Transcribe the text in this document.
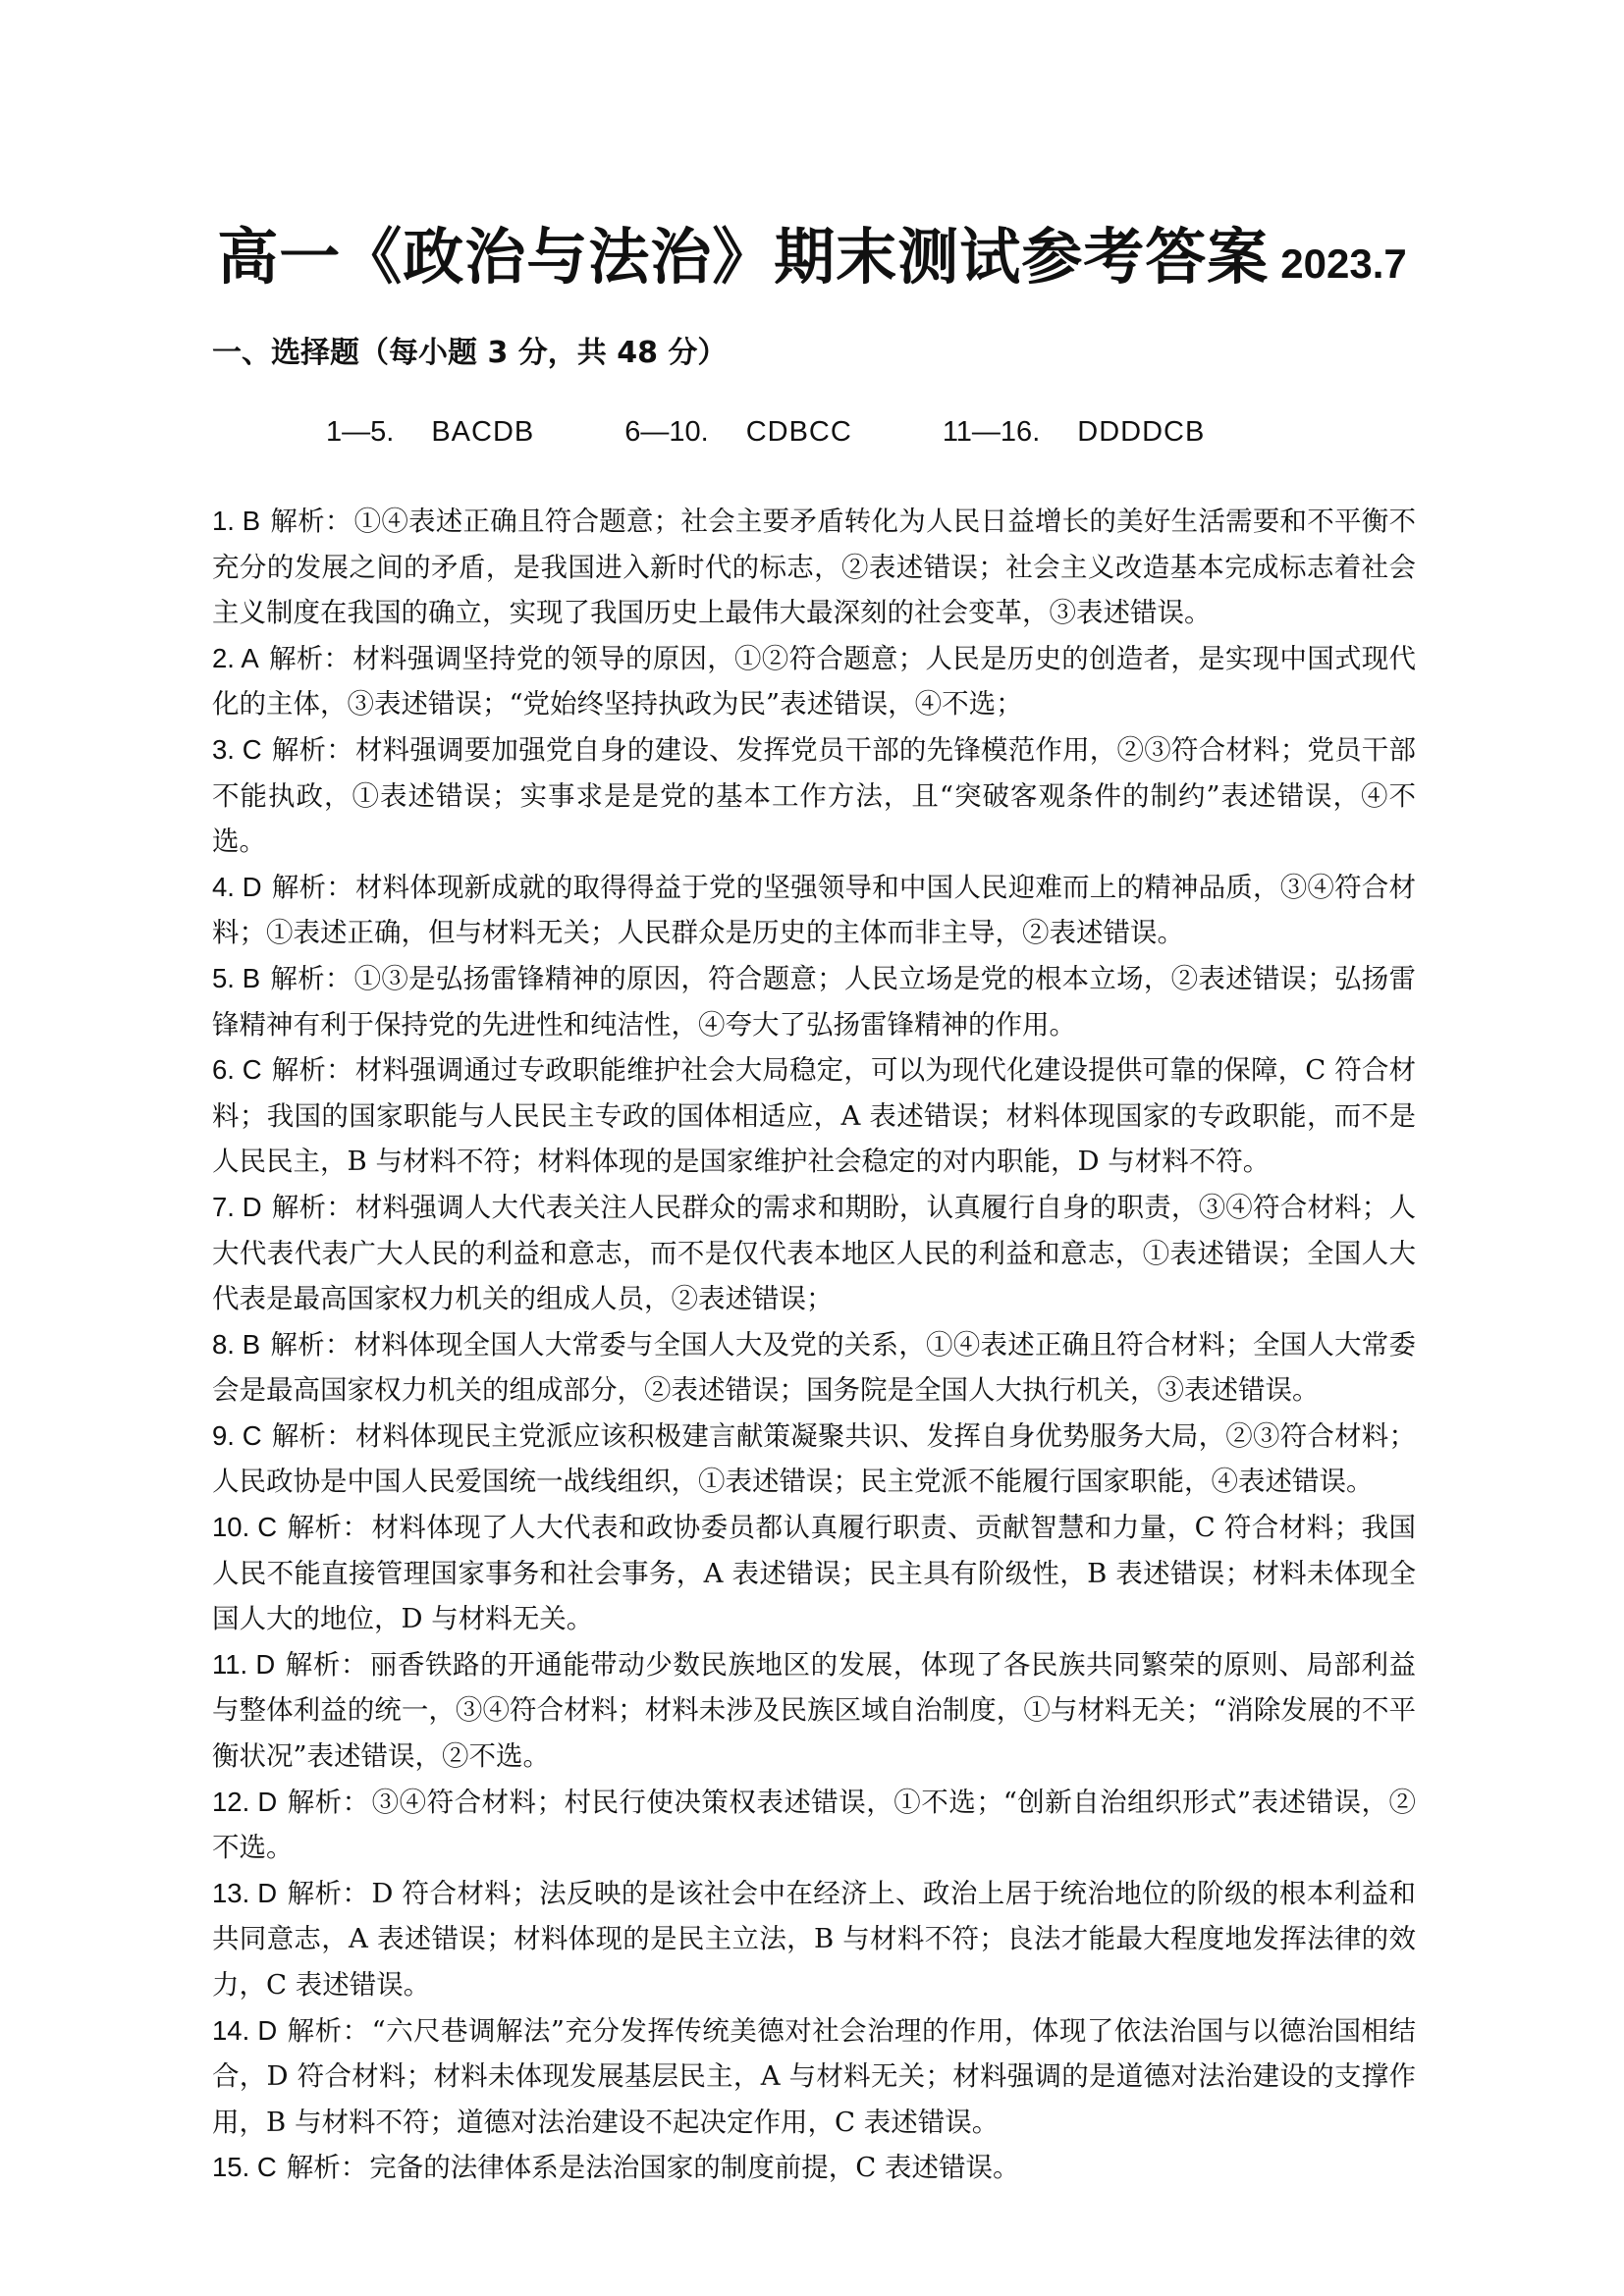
高一《政治与法治》期末测试参考答案 2023.7
一、选择题（每小题 3 分，共 48 分）
1—5. BACDB	6—10. CDBCC	11—16. DDDDCB
1. B 解析：①④表述正确且符合题意；社会主要矛盾转化为人民日益增长的美好生活需要和不平衡不充分的发展之间的矛盾，是我国进入新时代的标志，②表述错误；社会主义改造基本完成标志着社会主义制度在我国的确立，实现了我国历史上最伟大最深刻的社会变革，③表述错误。
2. A 解析：材料强调坚持党的领导的原因，①②符合题意；人民是历史的创造者，是实现中国式现代化的主体，③表述错误；“党始终坚持执政为民”表述错误，④不选；
3. C 解析：材料强调要加强党自身的建设、发挥党员干部的先锋模范作用，②③符合材料；党员干部不能执政，①表述错误；实事求是是党的基本工作方法，且“突破客观条件的制约”表述错误，④不选。
4. D 解析：材料体现新成就的取得得益于党的坚强领导和中国人民迎难而上的精神品质，③④符合材料；①表述正确，但与材料无关；人民群众是历史的主体而非主导，②表述错误。
5. B 解析：①③是弘扬雷锋精神的原因，符合题意；人民立场是党的根本立场，②表述错误；弘扬雷锋精神有利于保持党的先进性和纯洁性，④夸大了弘扬雷锋精神的作用。
6. C 解析：材料强调通过专政职能维护社会大局稳定，可以为现代化建设提供可靠的保障，C 符合材料；我国的国家职能与人民民主专政的国体相适应，A 表述错误；材料体现国家的专政职能，而不是人民民主，B 与材料不符；材料体现的是国家维护社会稳定的对内职能，D 与材料不符。
7. D 解析：材料强调人大代表关注人民群众的需求和期盼，认真履行自身的职责，③④符合材料；人大代表代表广大人民的利益和意志，而不是仅代表本地区人民的利益和意志，①表述错误；全国人大代表是最高国家权力机关的组成人员，②表述错误；
8. B 解析：材料体现全国人大常委与全国人大及党的关系，①④表述正确且符合材料；全国人大常委会是最高国家权力机关的组成部分，②表述错误；国务院是全国人大执行机关，③表述错误。
9. C 解析：材料体现民主党派应该积极建言献策凝聚共识、发挥自身优势服务大局，②③符合材料；人民政协是中国人民爱国统一战线组织，①表述错误；民主党派不能履行国家职能，④表述错误。
10. C 解析：材料体现了人大代表和政协委员都认真履行职责、贡献智慧和力量，C 符合材料；我国人民不能直接管理国家事务和社会事务，A 表述错误；民主具有阶级性，B 表述错误；材料未体现全国人大的地位，D 与材料无关。
11. D 解析：丽香铁路的开通能带动少数民族地区的发展，体现了各民族共同繁荣的原则、局部利益与整体利益的统一，③④符合材料；材料未涉及民族区域自治制度，①与材料无关；“消除发展的不平衡状况”表述错误，②不选。
12. D 解析：③④符合材料；村民行使决策权表述错误，①不选；“创新自治组织形式”表述错误，②不选。
13. D 解析：D 符合材料；法反映的是该社会中在经济上、政治上居于统治地位的阶级的根本利益和共同意志，A 表述错误；材料体现的是民主立法，B 与材料不符；良法才能最大程度地发挥法律的效力，C 表述错误。
14. D 解析：“六尺巷调解法”充分发挥传统美德对社会治理的作用，体现了依法治国与以德治国相结合，D 符合材料；材料未体现发展基层民主，A 与材料无关；材料强调的是道德对法治建设的支撑作用，B 与材料不符；道德对法治建设不起决定作用，C 表述错误。
15. C 解析：完备的法律体系是法治国家的制度前提，C 表述错误。
